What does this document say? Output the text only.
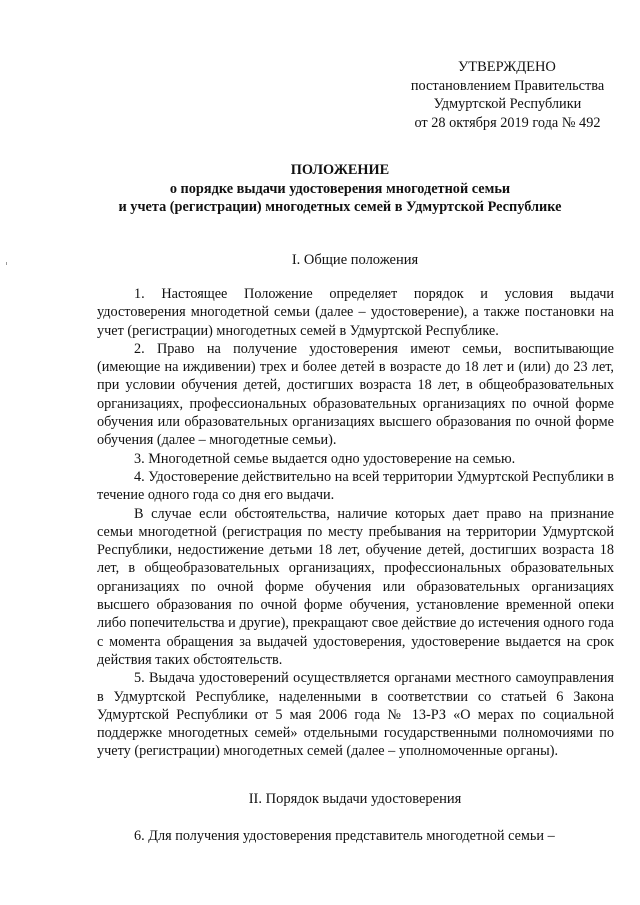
УТВЕРЖДЕНО
постановлением Правительства
Удмуртской Республики
от 28 октября 2019 года № 492
ПОЛОЖЕНИЕ
о порядке выдачи удостоверения многодетной семьи
и учета (регистрации) многодетных семей в Удмуртской Республике
I. Общие положения

1. Настоящее Положение определяет порядок и условия выдачи удостоверения многодетной семьи (далее – удостоверение), а также постановки на учет (регистрации) многодетных семей в Удмуртской Республике.

2. Право на получение удостоверения имеют семьи, воспитывающие (имеющие на иждивении) трех и более детей в возрасте до 18 лет и (или) до 23 лет, при условии обучения детей, достигших возраста 18 лет, в общеобразовательных организациях, профессиональных образовательных организациях по очной форме обучения или образовательных организациях высшего образования по очной форме обучения (далее – многодетные семьи).

3. Многодетной семье выдается одно удостоверение на семью.

4. Удостоверение действительно на всей территории Удмуртской Республики в течение одного года со дня его выдачи.

В случае если обстоятельства, наличие которых дает право на признание семьи многодетной (регистрация по месту пребывания на территории Удмуртской Республики, недостижение детьми 18 лет, обучение детей, достигших возраста 18 лет, в общеобразовательных организациях, профессиональных образовательных организациях по очной форме обучения или образовательных организациях высшего образования по очной форме обучения, установление временной опеки либо попечительства и другие), прекращают свое действие до истечения одного года с момента обращения за выдачей удостоверения, удостоверение выдается на срок действия таких обстоятельств.

5. Выдача удостоверений осуществляется органами местного самоуправления в Удмуртской Республике, наделенными в соответствии со статьей 6 Закона Удмуртской Республики от 5 мая 2006 года № 13-РЗ «О мерах по социальной поддержке многодетных семей» отдельными государственными полномочиями по учету (регистрации) многодетных семей (далее – уполномоченные органы).

II. Порядок выдачи удостоверения

6. Для получения удостоверения представитель многодетной семьи –
